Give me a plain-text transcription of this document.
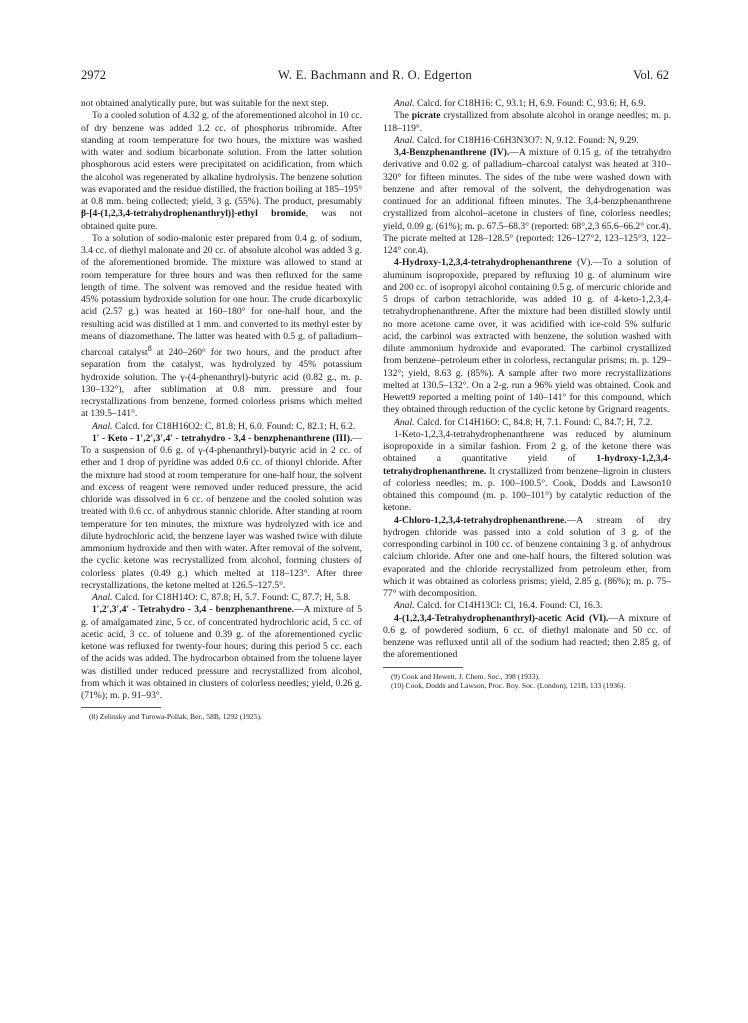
2972	W. E. Bachmann and R. O. Edgerton	Vol. 62

not obtained analytically pure, but was suitable for the next step.

To a cooled solution of 4.32 g. of the aforementioned alcohol in 10 cc. of dry benzene was added 1.2 cc. of phosphorus tribromide. After standing at room temperature for two hours, the mixture was washed with water and sodium bicarbonate solution. From the latter solution phosphorous acid esters were precipitated on acidification, from which the alcohol was regenerated by alkaline hydrolysis. The benzene solution was evaporated and the residue distilled, the fraction boiling at 185–195° at 0.8 mm. being collected; yield, 3 g. (55%). The product, presumably β-[4-(1,2,3,4-tetrahydrophenanthryl)]-ethyl bromide, was not obtained quite pure.

To a solution of sodio-malonic ester prepared from 0.4 g. of sodium, 3.4 cc. of diethyl malonate and 20 cc. of absolute alcohol was added 3 g. of the aforementioned bromide. The mixture was allowed to stand at room temperature for three hours and was then refluxed for the same length of time. The solvent was removed and the residue heated with 45% potassium hydroxide solution for one hour. The crude dicarboxylic acid (2.57 g.) was heated at 160–180° for one-half hour, and the resulting acid was distilled at 1 mm. and converted to its methyl ester by means of diazomethane. The latter was heated with 0.5 g. of palladium–charcoal catalyst$^8$ at 240–260° for two hours, and the product after separation from the catalyst, was hydrolyzed by 45% potassium hydroxide solution. The γ-(4-phenanthryl)-butyric acid (0.82 g., m. p. 130–132°), after sublimation at 0.8 mm. pressure and four recrystallizations from benzene, formed colorless prisms which melted at 139.5–141°.

Anal. Calcd. for C18H16O2: C, 81.8; H, 6.0. Found: C, 82.1; H, 6.2.

1′ - Keto - 1′,2′,3′,4′ - tetrahydro - 3,4 - benzphenanthrene (III).—To a suspension of 0.6 g. of γ-(4-phenanthryl)-butyric acid in 2 cc. of ether and 1 drop of pyridine was added 0.6 cc. of thionyl chloride. After the mixture had stood at room temperature for one-half hour, the solvent and excess of reagent were removed under reduced pressure, the acid chloride was dissolved in 6 cc. of benzene and the cooled solution was treated with 0.6 cc. of anhydrous stannic chloride. After standing at room temperature for ten minutes, the mixture was hydrolyzed with ice and dilute hydrochloric acid, the benzene layer was washed twice with dilute ammonium hydroxide and then with water. After removal of the solvent, the cyclic ketone was recrystallized from alcohol, forming clusters of colorless plates (0.49 g.) which melted at 118–123°. After three recrystallizations, the ketone melted at 126.5–127.5°.

Anal. Calcd. for C18H14O: C, 87.8; H, 5.7. Found: C, 87.7; H, 5.8.

1′,2′,3′,4′ - Tetrahydro - 3,4 - benzphenanthrene.—A mixture of 5 g. of amalgamated zinc, 5 cc. of concentrated hydrochloric acid, 5 cc. of acetic acid, 3 cc. of toluene and 0.39 g. of the aforementioned cyclic ketone was refluxed for twenty-four hours; during this period 5 cc. each of the acids was added. The hydrocarbon obtained from the toluene layer was distilled under reduced pressure and recrystallized from alcohol, from which it was obtained in clusters of colorless needles; yield, 0.26 g. (71%); m. p. 91–93°.

(8) Zelinsky and Turowa-Pollak, Ber., 58B, 1292 (1925).

Anal. Calcd. for C18H16: C, 93.1; H, 6.9. Found: C, 93.6; H, 6.9.

The picrate crystallized from absolute alcohol in orange needles; m. p. 118–119°.

Anal. Calcd. for C18H16·C6H3N3O7: N, 9.12. Found: N, 9.29.

3,4-Benzphenanthrene (IV).—A mixture of 0.15 g. of the tetrahydro derivative and 0.02 g. of palladium–charcoal catalyst was heated at 310–320° for fifteen minutes. The sides of the tube were washed down with benzene and after removal of the solvent, the dehydrogenation was continued for an additional fifteen minutes. The 3,4-benzphenanthrene crystallized from alcohol–acetone in clusters of fine, colorless needles; yield, 0.09 g. (61%); m. p. 67.5–68.3° (reported: 68°,2,3 65.6–66.2° cor.4). The picrate melted at 128–128.5° (reported: 126–127°2, 123–125°3, 122–124° cor.4).

4-Hydroxy-1,2,3,4-tetrahydrophenanthrene (V).—To a solution of aluminum isopropoxide, prepared by refluxing 10 g. of aluminum wire and 200 cc. of isopropyl alcohol containing 0.5 g. of mercuric chloride and 5 drops of carbon tetrachloride, was added 10 g. of 4-keto-1,2,3,4-tetrahydrophenanthrene. After the mixture had been distilled slowly until no more acetone came over, it was acidified with ice-cold 5% sulfuric acid, the carbinol was extracted with benzene, the solution washed with dilute ammonium hydroxide and evaporated. The carbinol crystallized from benzene–petroleum ether in colorless, rectangular prisms; m. p. 129–132°; yield, 8.63 g. (85%). A sample after two more recrystallizations melted at 130.5–132°. On a 2-g. run a 96% yield was obtained. Cook and Hewett9 reported a melting point of 140–141° for this compound, which they obtained through reduction of the cyclic ketone by Grignard reagents.

Anal. Calcd. for C14H16O: C, 84.8; H, 7.1. Found: C, 84.7; H, 7.2.

1-Keto-1,2,3,4-tetrahydrophenanthrene was reduced by aluminum isopropoxide in a similar fashion. From 2 g. of the ketone there was obtained a quantitative yield of 1-hydroxy-1,2,3,4-tetrahydrophenanthrene. It crystallized from benzene–ligroin in clusters of colorless needles; m. p. 100–100.5°. Cook, Dodds and Lawson10 obtained this compound (m. p. 100–101°) by catalytic reduction of the ketone.

4-Chloro-1,2,3,4-tetrahydrophenanthrene.—A stream of dry hydrogen chloride was passed into a cold solution of 3 g. of the corresponding carbinol in 100 cc. of benzene containing 3 g. of anhydrous calcium chloride. After one and one-half hours, the filtered solution was evaporated and the chloride recrystallized from petroleum ether, from which it was obtained as colorless prisms; yield, 2.85 g. (86%); m. p. 75–77° with decomposition.

Anal. Calcd. for C14H13Cl: Cl, 16.4. Found: Cl, 16.3.

4-(1,2,3,4-Tetrahydrophenanthryl)-acetic Acid (VI).—A mixture of 0.6 g. of powdered sodium, 6 cc. of diethyl malonate and 50 cc. of benzene was refluxed until all of the sodium had reacted; then 2.85 g. of the aforementioned

(9) Cook and Hewett, J. Chem. Soc., 398 (1933).

(10) Cook, Dodds and Lawson, Proc. Roy. Soc. (London), 121B, 133 (1936).
